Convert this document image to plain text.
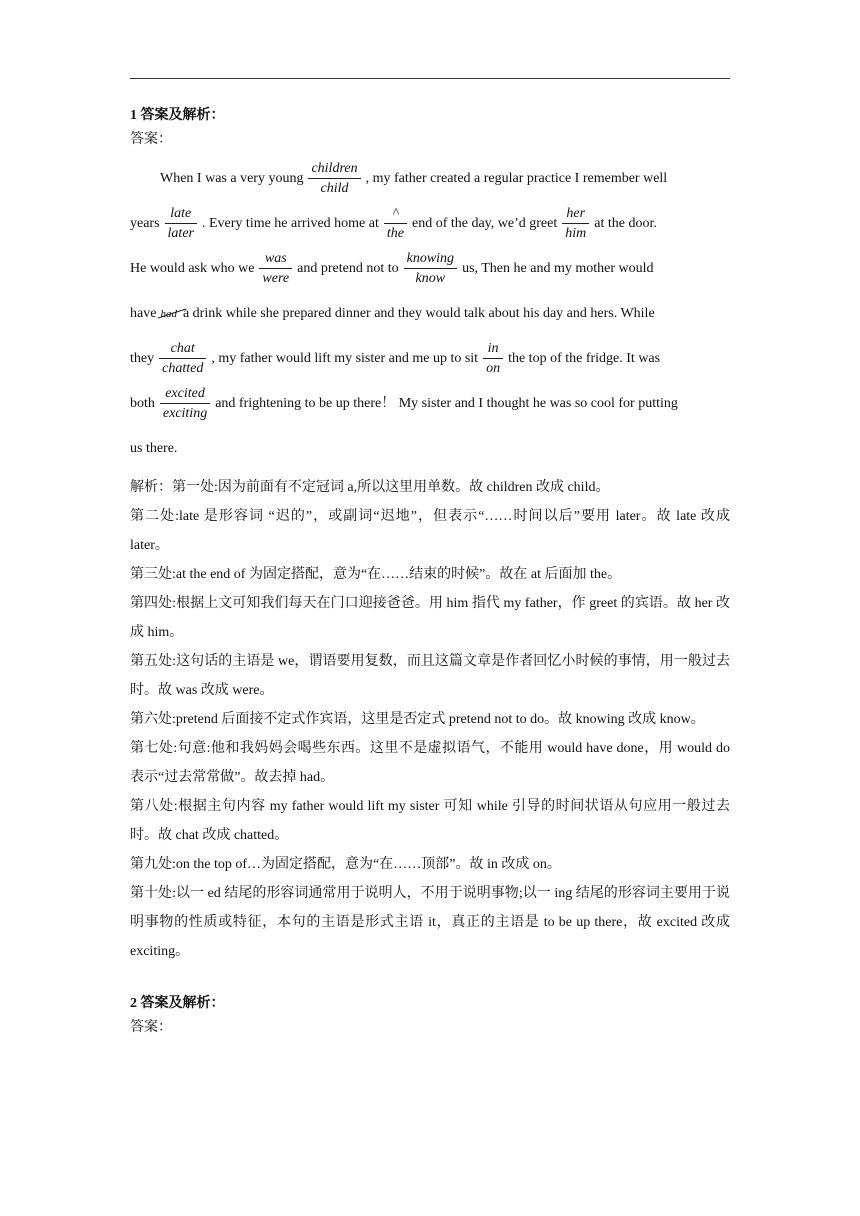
1 答案及解析：
答案：

When I was a very young
children
child
, my father created a regular practice I remember well

years
late
later
. Every time he arrived home at
^
the
end of the day, we’d greet
her
him
at the door.

He would ask who we
was
were
and pretend not to
knowing
know
us, Then he and my mother would

have had a drink while she prepared dinner and they would talk about his day and hers. While

they
chat
chatted
, my father would lift my sister and me up to sit $\frac{in}{on}$ the top of the fridge. It was

both
excited
exciting
and frightening to be up there！ My sister and I thought he was so cool for putting

us there.

解析：第一处:因为前面有不定冠词 a,所以这里用单数。故 children 改成 child。

第二处:late 是形容词 “迟的”，或副词“迟地”，但表示“……时间以后”要用 later。故 late 改成 later。

第三处:at the end of 为固定搭配，意为“在……结束的时候”。故在 at 后面加 the。

第四处:根据上文可知我们每天在门口迎接爸爸。用 him 指代 my father，作 greet 的宾语。故 her 改成 him。

第五处:这句话的主语是 we，谓语要用复数，而且这篇文章是作者回忆小时候的事情，用一般过去时。故 was 改成 were。

第六处:pretend 后面接不定式作宾语，这里是否定式 pretend not to do。故 knowing 改成 know。

第七处:句意:他和我妈妈会喝些东西。这里不是虚拟语气，不能用 would have done，用 would do 表示“过去常常做”。故去掉 had。

第八处:根据主句内容 my father would lift my sister 可知 while 引导的时间状语从句应用一般过去时。故 chat 改成 chatted。

第九处:on the top of…为固定搭配，意为“在……顶部”。故 in 改成 on。

第十处:以一 ed 结尾的形容词通常用于说明人，不用于说明事物;以一 ing 结尾的形容词主要用于说明事物的性质或特征，本句的主语是形式主语 it，真正的主语是 to be up there，故 excited 改成 exciting。

2 答案及解析：
答案：
